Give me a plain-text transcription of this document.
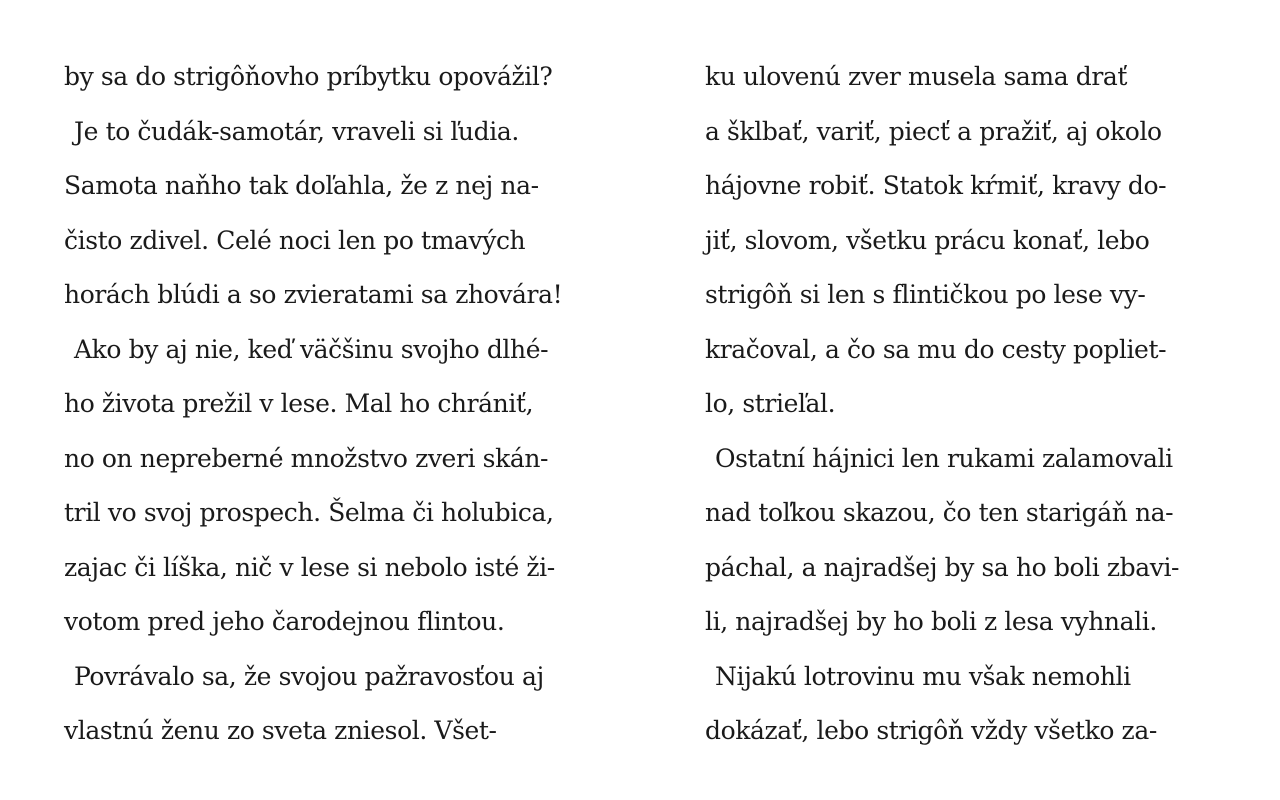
by sa do strigôňovho príbytku opovážil?
Je to čudák-samotár, vraveli si ľudia.
Samota naňho tak doľahla, že z nej na-
čisto zdivel. Celé noci len po tmavých
horách blúdi a so zvieratami sa zhovára!
Ako by aj nie, keď väčšinu svojho dlhé-
ho života prežil v lese. Mal ho chrániť,
no on nepreberné množstvo zveri skán-
tril vo svoj prospech. Šelma či holubica,
zajac či líška, nič v lese si nebolo isté ži-
votom pred jeho čarodejnou flintou.
Povrávalo sa, že svojou pažravosťou aj
vlastnú ženu zo sveta zniesol. Všet-
ku ulovenú zver musela sama drať
a šklbať, variť, piecť a pražiť, aj okolo
hájovne robiť. Statok kŕmiť, kravy do-
jiť, slovom, všetku prácu konať, lebo
strigôň si len s flintičkou po lese vy-
kračoval, a čo sa mu do cesty popliet-
lo, strieľal.
Ostatní hájnici len rukami zalamovali
nad toľkou skazou, čo ten starigáň na-
páchal, a najradšej by sa ho boli zbavi-
li, najradšej by ho boli z lesa vyhnali.
Nijakú lotrovinu mu však nemohli
dokázať, lebo strigôň vždy všetko za-
